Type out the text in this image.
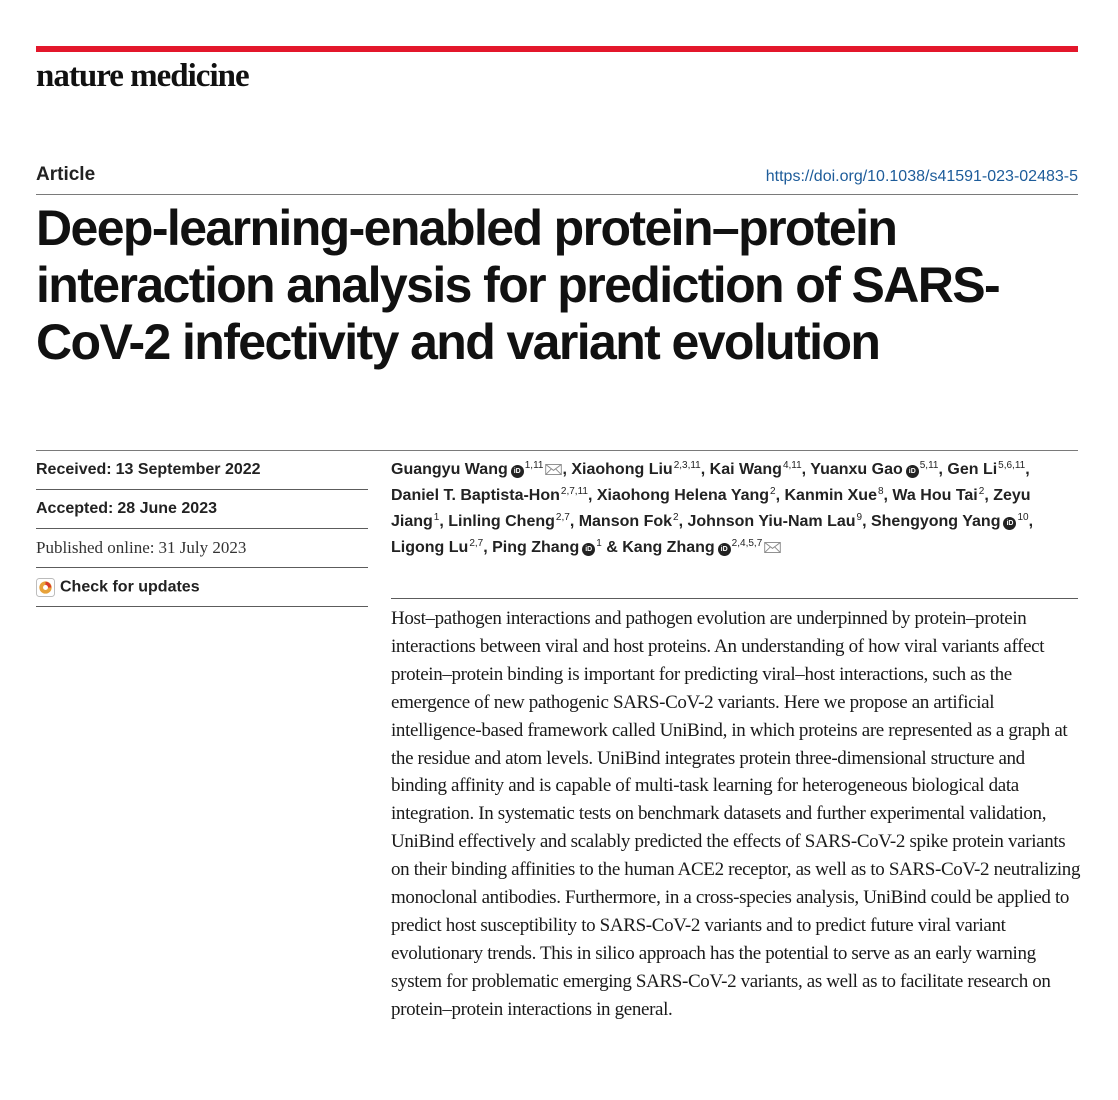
nature medicine
Article	https://doi.org/10.1038/s41591-023-02483-5
Deep-learning-enabled protein–protein interaction analysis for prediction of SARS-CoV-2 infectivity and variant evolution
Received: 13 September 2022
Accepted: 28 June 2023
Published online: 31 July 2023
Check for updates
Guangyu Wang iD$^{1,11}$ , Xiaohong Liu$^{2,3,11}$, Kai Wang$^{4,11}$, Yuanxu Gao iD$^{5,11}$, Gen Li$^{5,6,11}$, Daniel T. Baptista-Hon$^{2,7,11}$, Xiaohong Helena Yang$^2$, Kanmin Xue$^8$, Wa Hou Tai$^2$, Zeyu Jiang$^1$, Linling Cheng$^{2,7}$, Manson Fok$^2$, Johnson Yiu-Nam Lau$^9$, Shengyong Yang $iD^{10}$, Ligong Lu$^{2,7}$, Ping Zhang $iD^1$ & Kang Zhang iD$^{2,4,5,7}$

Host–pathogen interactions and pathogen evolution are underpinned by protein–protein interactions between viral and host proteins. An understanding of how viral variants affect protein–protein binding is important for predicting viral–host interactions, such as the emergence of new pathogenic SARS-CoV-2 variants. Here we propose an artificial intelligence-based framework called UniBind, in which proteins are represented as a graph at the residue and atom levels. UniBind integrates protein three-dimensional structure and binding affinity and is capable of multi-task learning for heterogeneous biological data integration. In systematic tests on benchmark datasets and further experimental validation, UniBind effectively and scalably predicted the effects of SARS-CoV-2 spike protein variants on their binding affinities to the human ACE2 receptor, as well as to SARS-CoV-2 neutralizing monoclonal antibodies. Furthermore, in a cross-species analysis, UniBind could be applied to predict host susceptibility to SARS-CoV-2 variants and to predict future viral variant evolutionary trends. This in silico approach has the potential to serve as an early warning system for problematic emerging SARS-CoV-2 variants, as well as to facilitate research on protein–protein interactions in general.
